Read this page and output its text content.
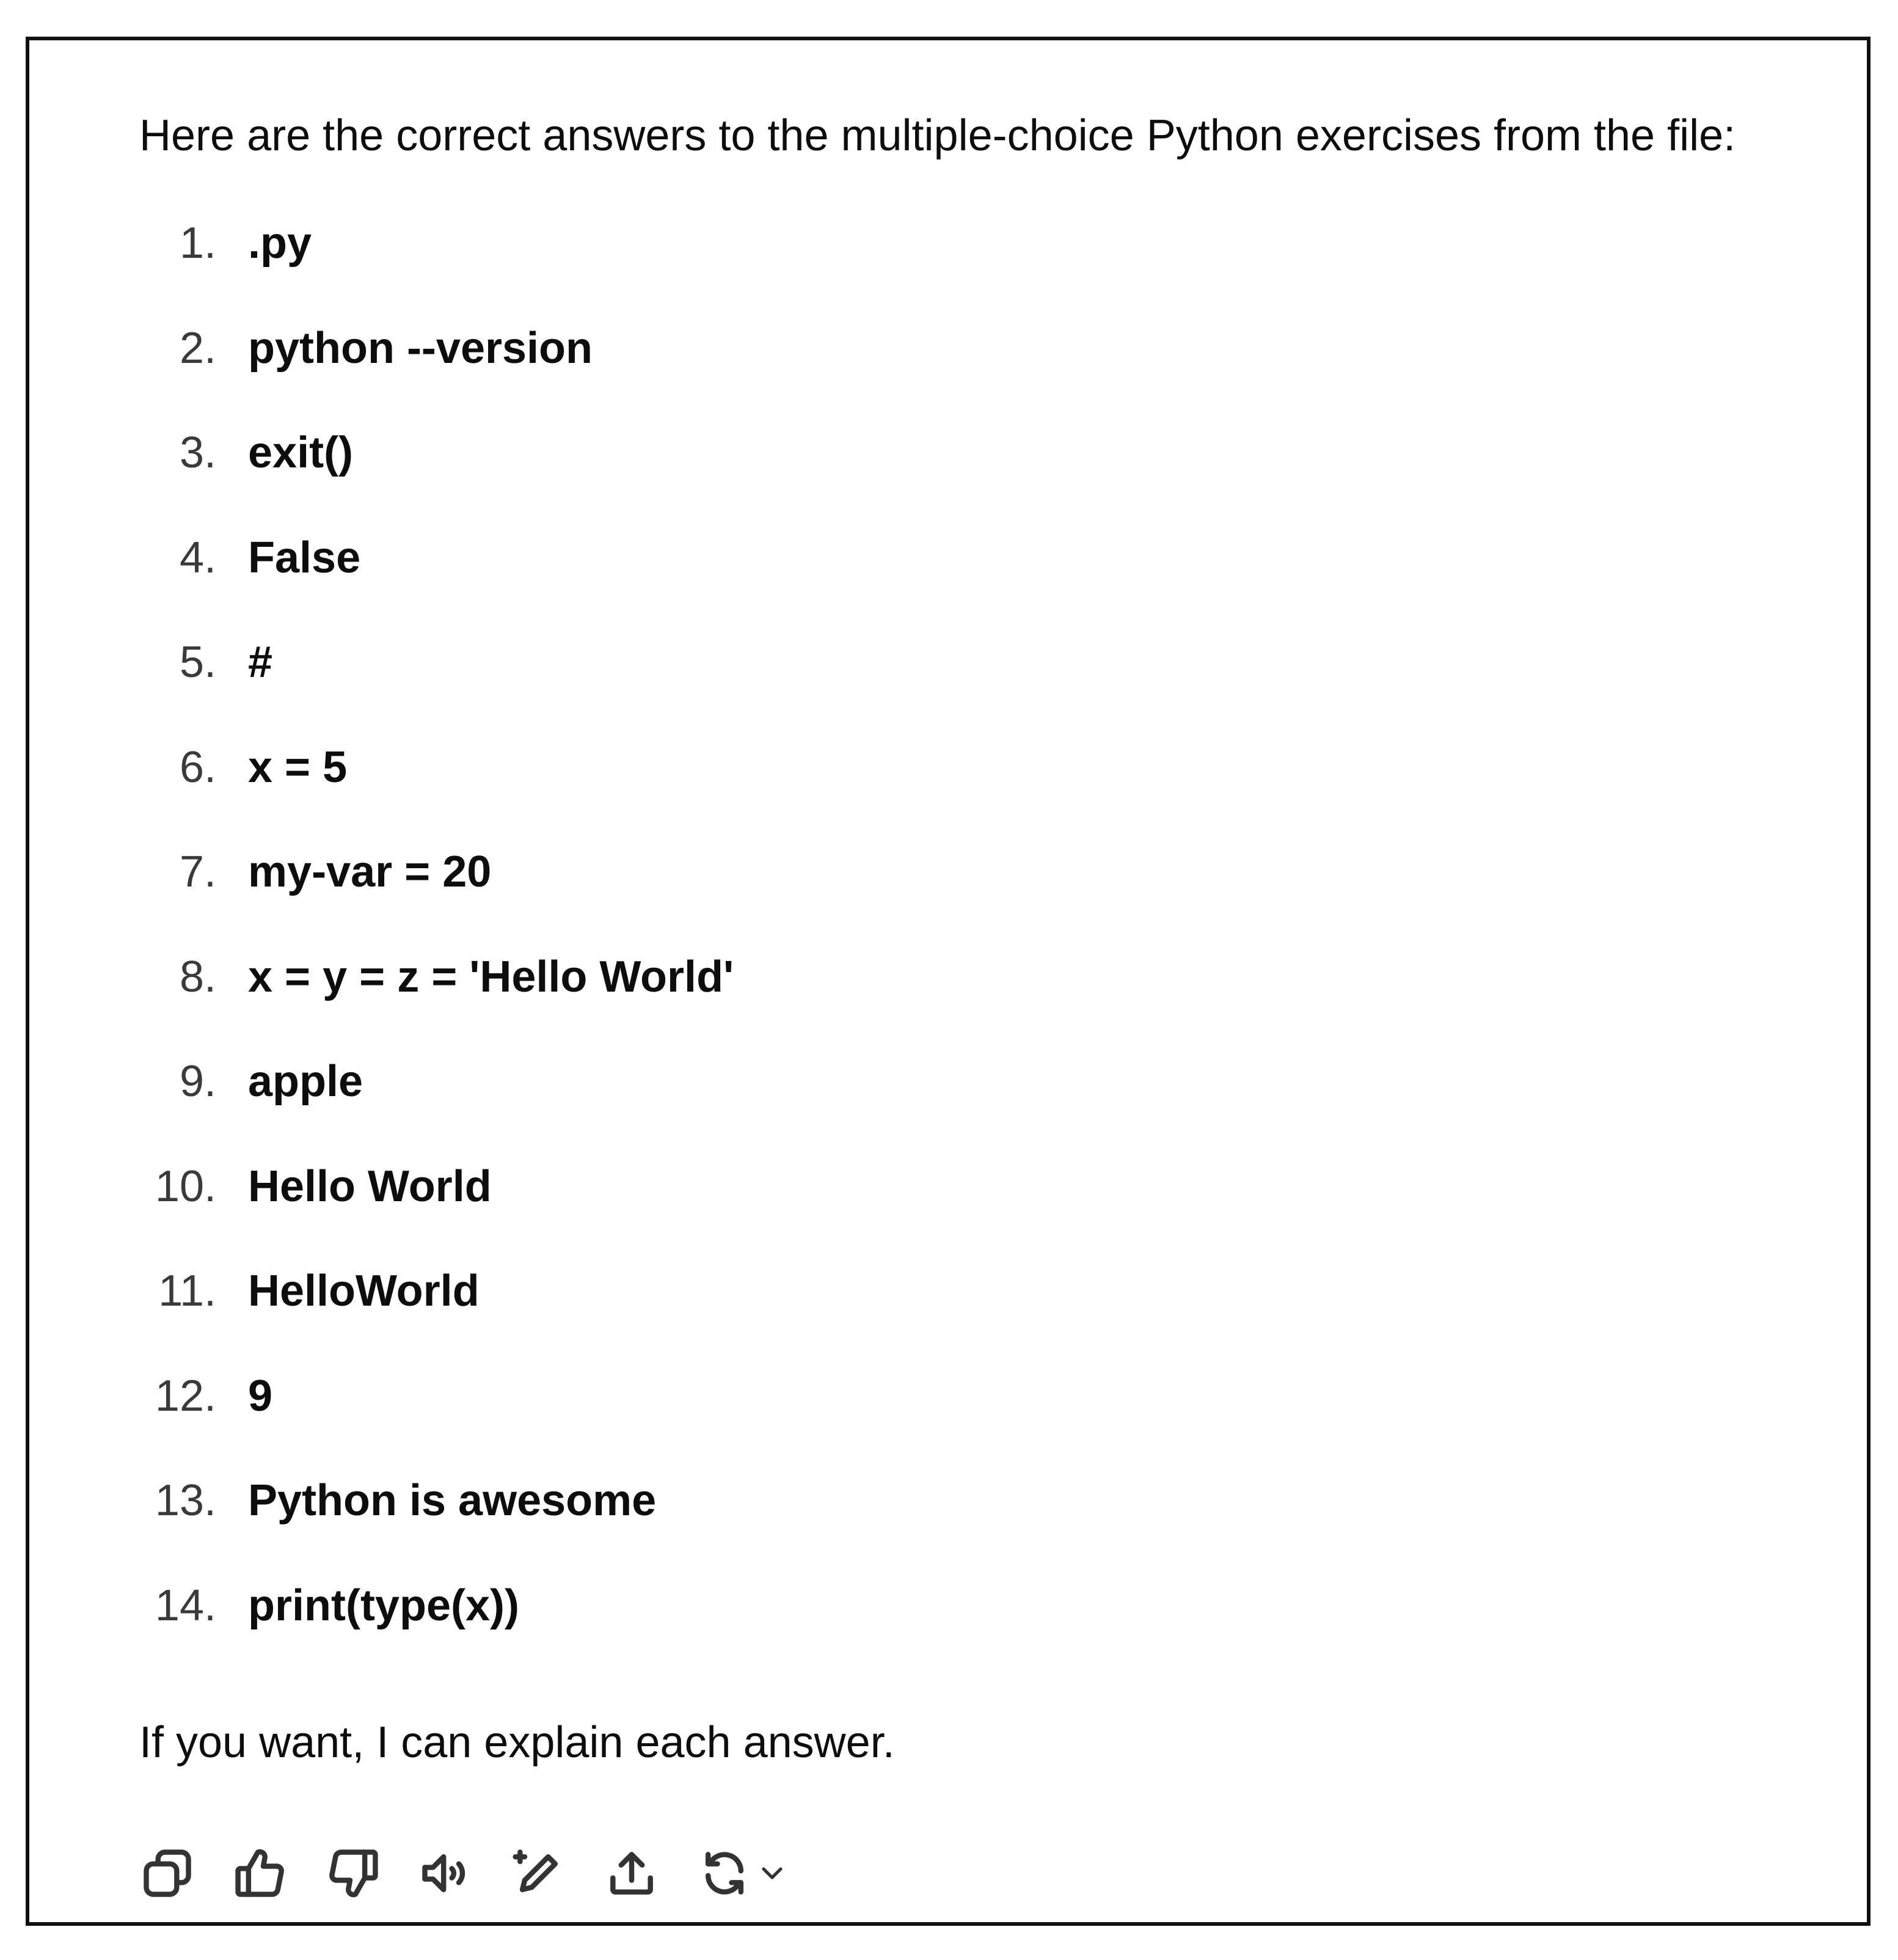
Here are the correct answers to the multiple-choice Python exercises from the file:
1. .py
2. python --version
3. exit()
4. False
5. #
6. x = 5
7. my-var = 20
8. x = y = z = 'Hello World'
9. apple
10. Hello World
11. HelloWorld
12. 9
13. Python is awesome
14. print(type(x))
If you want, I can explain each answer.
